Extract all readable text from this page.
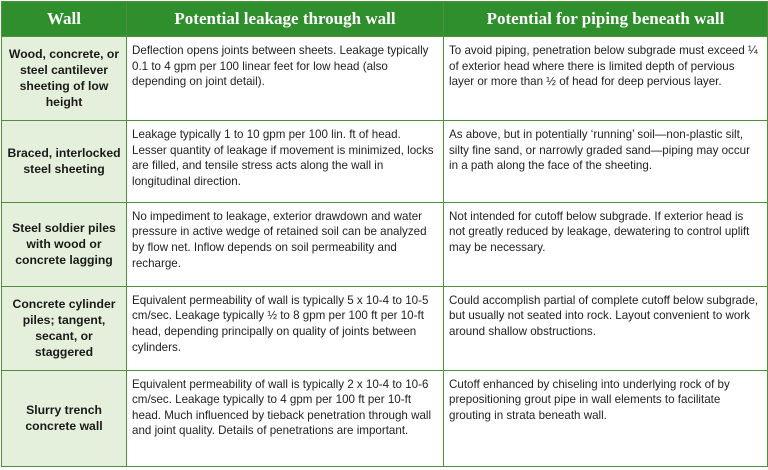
Wall	Potential leakage through wall	Potential for piping beneath wall
Wood, concrete, or steel cantilever sheeting of low height	Deflection opens joints between sheets. Leakage typically 0.1 to 4 gpm per 100 linear feet for low head (also depending on joint detail).	To avoid piping, penetration below subgrade must exceed ¼ of exterior head where there is limited depth of pervious layer or more than ½ of head for deep pervious layer.
Braced, interlocked steel sheeting	Leakage typically 1 to 10 gpm per 100 lin. ft of head. Lesser quantity of leakage if movement is minimized, locks are filled, and tensile stress acts along the wall in longitudinal direction.	As above, but in potentially ‘running’ soil—non-plastic silt, silty fine sand, or narrowly graded sand—piping may occur in a path along the face of the sheeting.
Steel soldier piles with wood or concrete lagging	No impediment to leakage, exterior drawdown and water pressure in active wedge of retained soil can be analyzed by flow net. Inflow depends on soil permeability and recharge.	Not intended for cutoff below subgrade. If exterior head is not greatly reduced by leakage, dewatering to control uplift may be necessary.
Concrete cylinder piles; tangent, secant, or staggered	Equivalent permeability of wall is typically 5 x 10-4 to 10-5 cm/sec. Leakage typically ½ to 8 gpm per 100 ft per 10-ft head, depending principally on quality of joints between cylinders.	Could accomplish partial of complete cutoff below subgrade, but usually not seated into rock. Layout convenient to work around shallow obstructions.
Slurry trench concrete wall	Equivalent permeability of wall is typically 2 x 10-4 to 10-6 cm/sec. Leakage typically to 4 gpm per 100 ft per 10-ft head. Much influenced by tieback penetration through wall and joint quality. Details of penetrations are important.	Cutoff enhanced by chiseling into underlying rock of by prepositioning grout pipe in wall elements to facilitate grouting in strata beneath wall.
